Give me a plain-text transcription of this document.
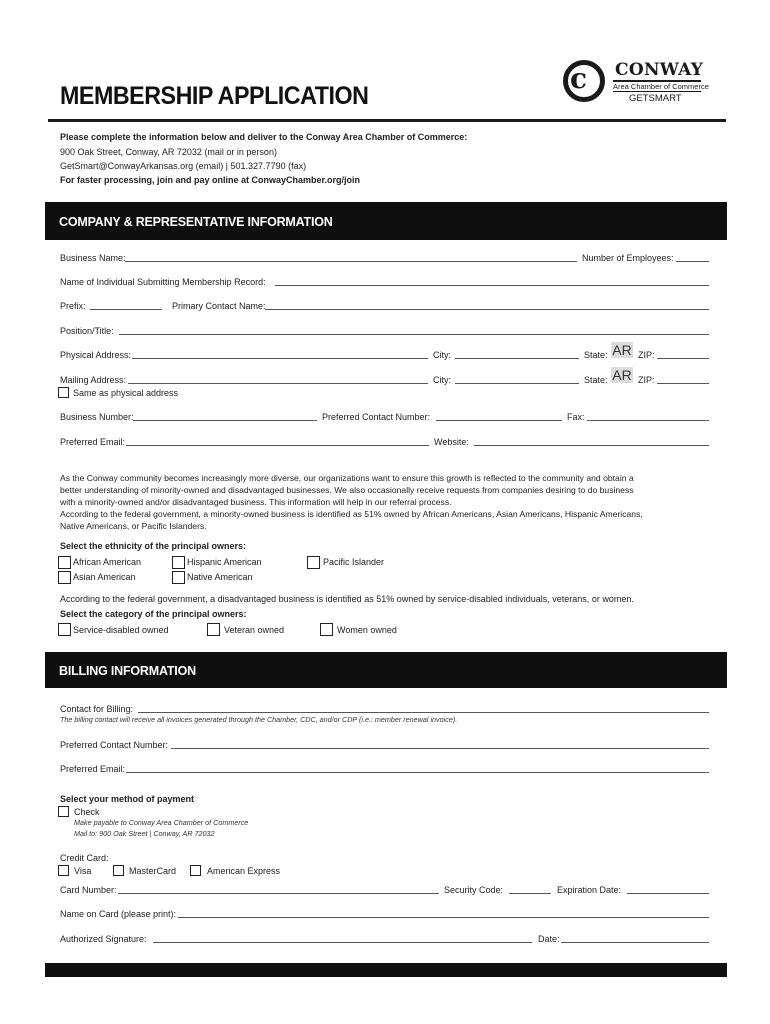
MEMBERSHIP APPLICATION
c CONWAY
Area Chamber of Commerce
GETSMART
Please complete the information below and deliver to the Conway Area Chamber of Commerce:
900 Oak Street, Conway, AR 72032 (mail or in person)
GetSmart@ConwayArkansas.org (email) | 501.327.7790 (fax)
For faster processing, join and pay online at ConwayChamber.org/join
COMPANY & REPRESENTATIVE INFORMATION
Business Name:	Number of Employees:
Name of Individual Submitting Membership Record:
Prefix:	Primary Contact Name:
Position/Title:
Physical Address:	City:	State: AR ZIP:
Mailing Address:	City:	State: AR ZIP:
Same as physical address
Business Number:	Preferred Contact Number:	Fax:
Preferred Email:	Website:
As the Conway community becomes increasingly more diverse, our organizations want to ensure this growth is reflected to the community and obtain a
better understanding of minority-owned and disadvantaged businesses. We also occasionally receive requests from companies desiring to do business
with a minority-owned and/or disadvantaged business. This information will help in our referral process.
According to the federal government, a minority-owned business is identified as 51% owned by African Americans, Asian Americans, Hispanic Americans,
Native Americans, or Pacific Islanders.
Select the ethnicity of the principal owners:
African American	Hispanic American	Pacific Islander
Asian American	Native American
According to the federal government, a disadvantaged business is identified as 51% owned by service-disabled individuals, veterans, or women.
Select the category of the principal owners:
Service-disabled owned	Veteran owned	Women owned
BILLING INFORMATION
Contact for Billing:
The billing contact will receive all invoices generated through the Chamber, CDC, and/or CDP (i.e.: member renewal invoice).
Preferred Contact Number:
Preferred Email:
Select your method of payment
Check
Make payable to Conway Area Chamber of Commerce
Mail to: 900 Oak Street | Conway, AR 72032
Credit Card:
Visa	MasterCard	American Express
Card Number:	Security Code:	Expiration Date:
Name on Card (please print):
Authorized Signature:	Date:
